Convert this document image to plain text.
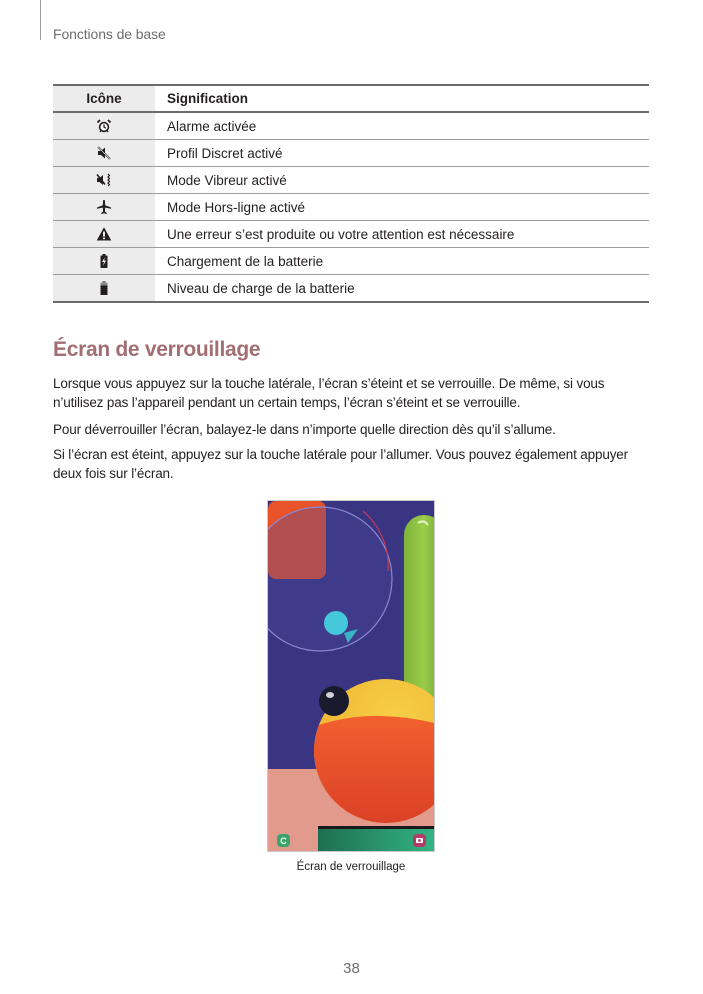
Fonctions de base
Icône	Signification

	Alarme activée

	Profil Discret activé

	Mode Vibreur activé

	Mode Hors-ligne activé

	Une erreur s’est produite ou votre attention est nécessaire

	Chargement de la batterie

	Niveau de charge de la batterie
Écran de verrouillage
Lorsque vous appuyez sur la touche latérale, l’écran s’éteint et se verrouille. De même, si vous n’utilisez pas l’appareil pendant un certain temps, l’écran s’éteint et se verrouille.
Pour déverrouiller l’écran, balayez-le dans n’importe quelle direction dès qu’il s’allume.
Si l’écran est éteint, appuyez sur la touche latérale pour l’allumer. Vous pouvez également appuyer deux fois sur l’écran.
C
Écran de verrouillage
38
